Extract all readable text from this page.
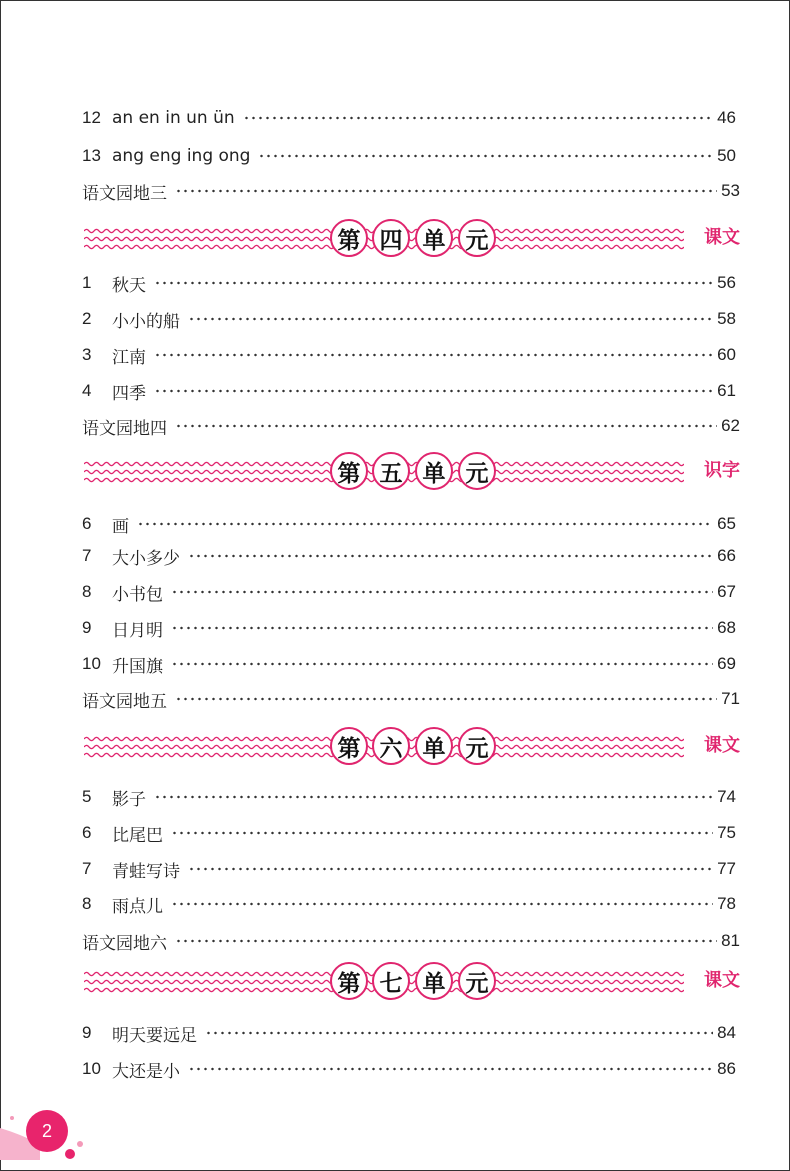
12 an en in un ün	46
13 ang eng ing ong	50
语文园地三	53
1	秋天	56
2	小小的船	58
3	江南	60
4	四季	61
语文园地四	62
6	画	65
7	大小多少	66
8	小书包	67
9	日月明	68
10 升国旗	69
语文园地五	71
5	影子	74
6	比尾巴	75
7	青蛙写诗	77
8	雨点儿	78
语文园地六	81
9	明天要远足	84
10 大还是小	86
第 四 单 元	课文
第 五 单 元	识字
第 六 单 元	课文
第 七 单 元	课文
2
